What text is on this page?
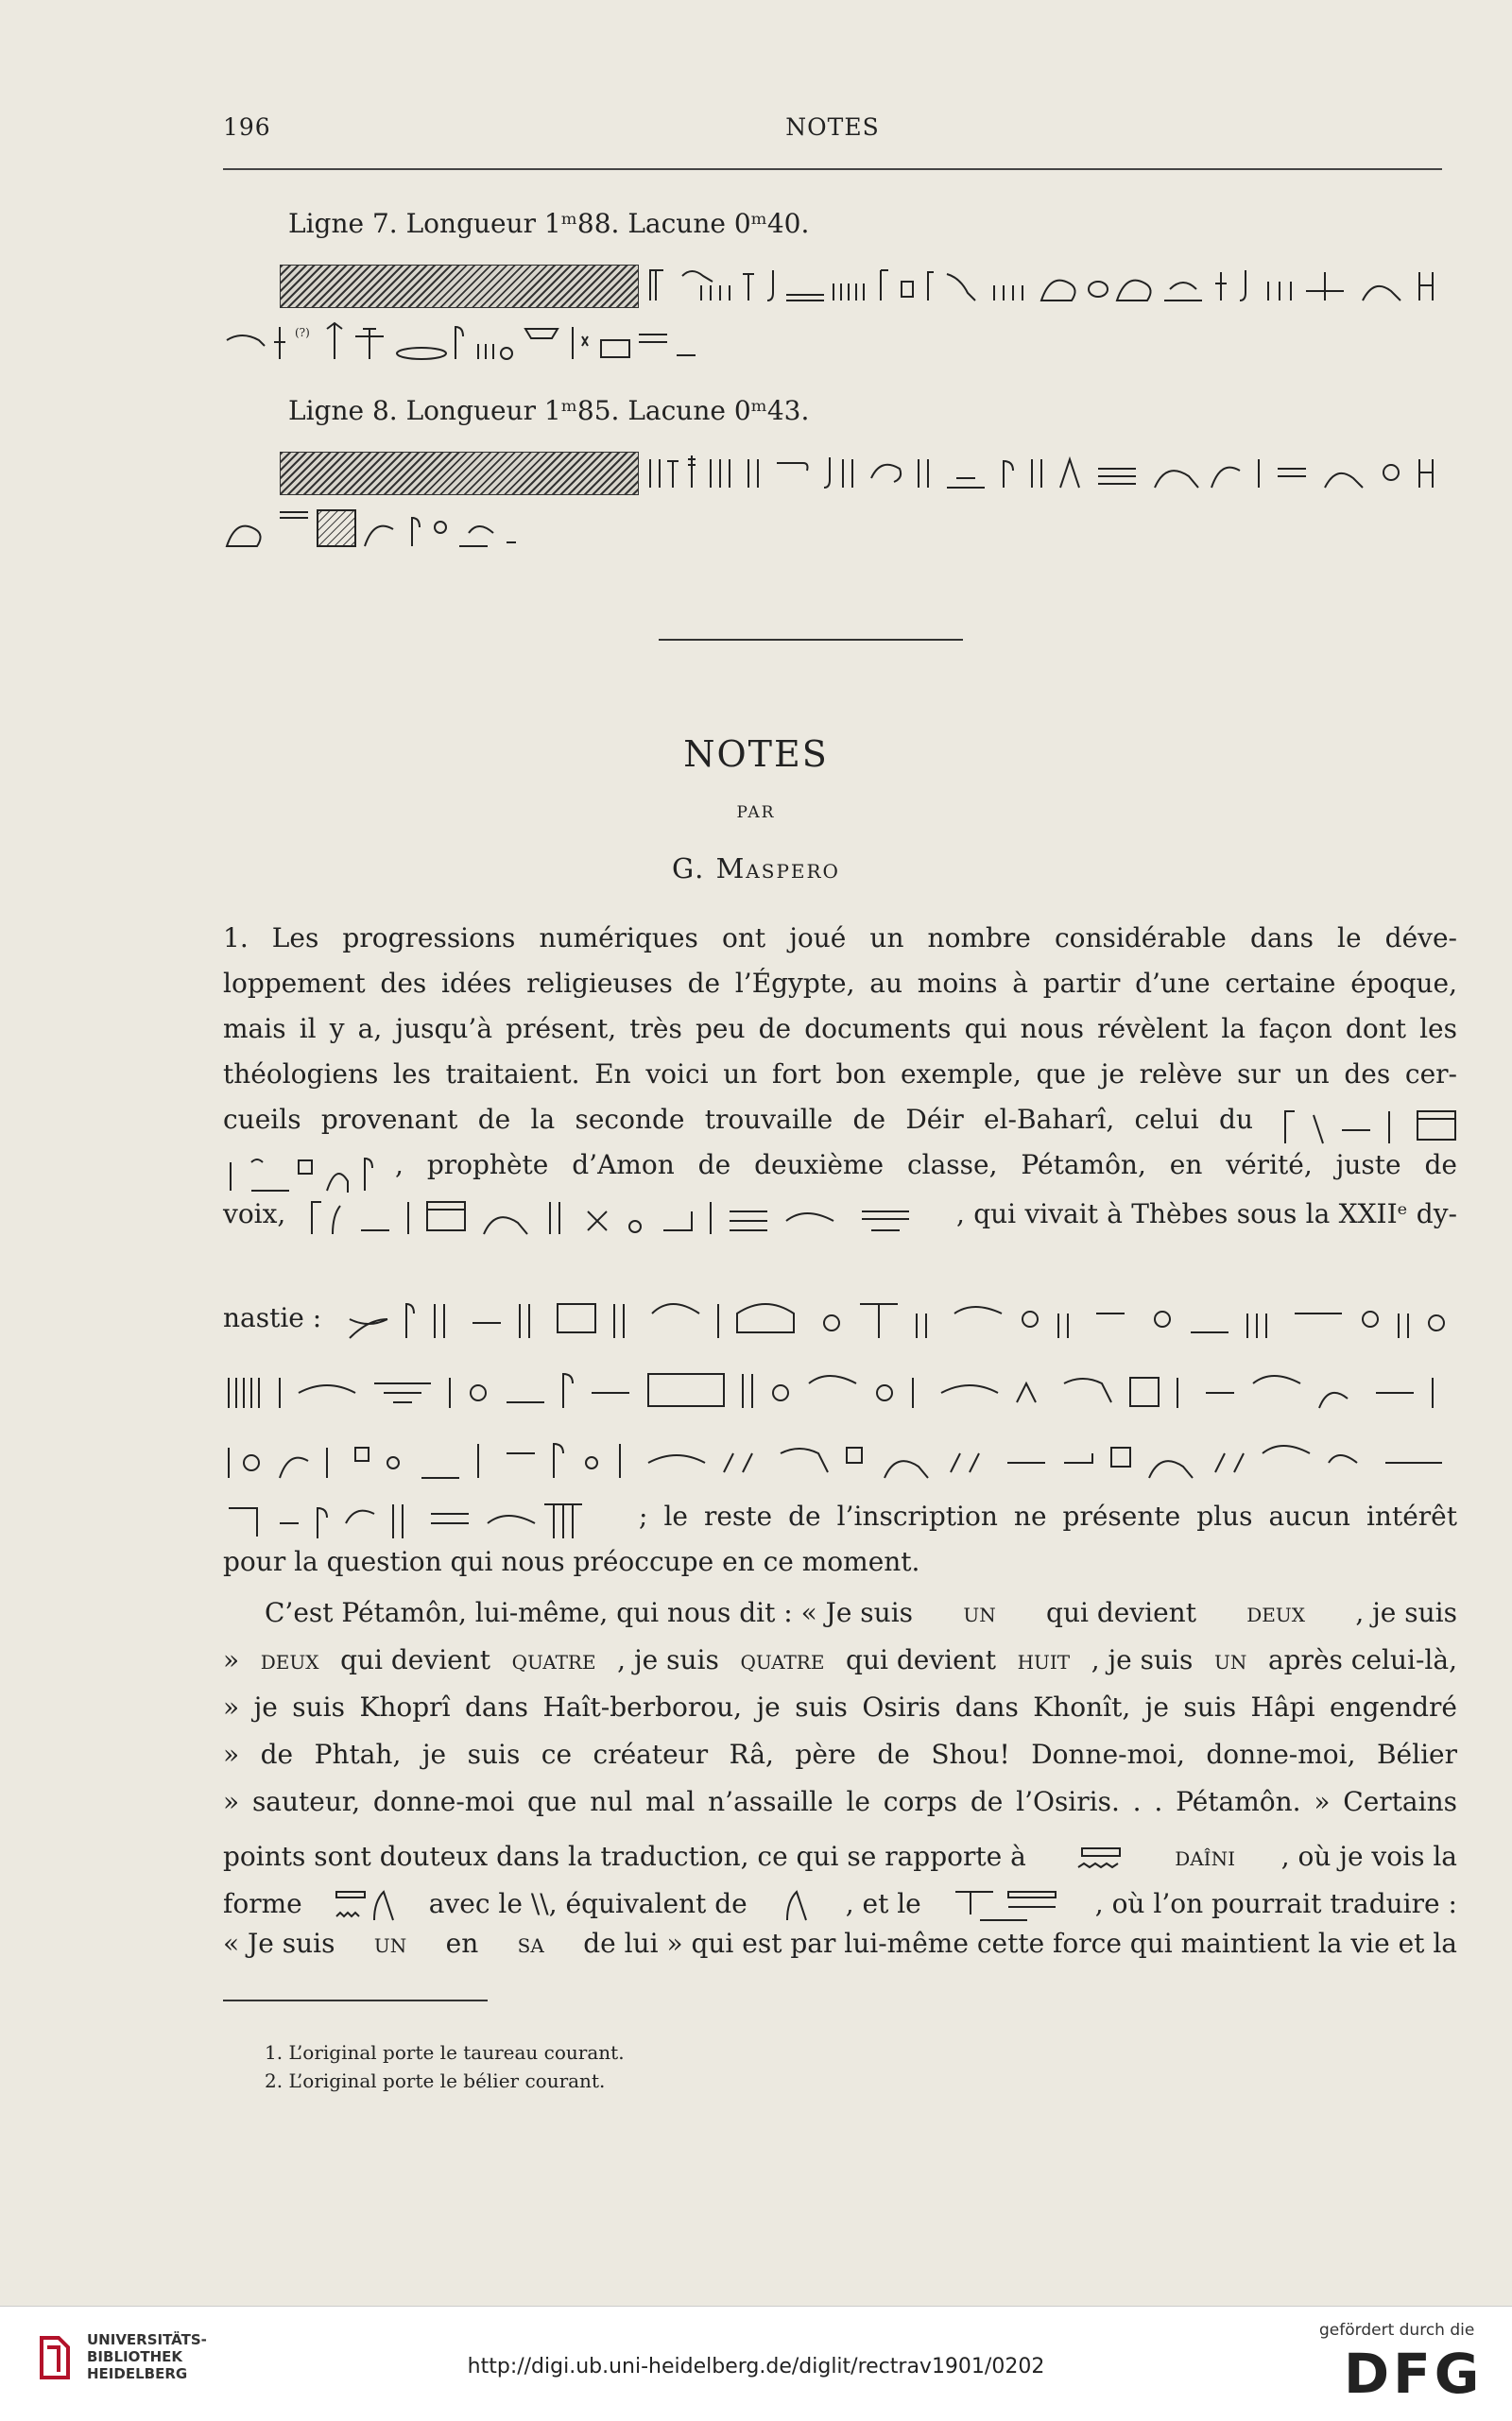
196	NOTES
Ligne 7. Longueur 1ᵐ88. Lacune 0ᵐ40.
(?)
Ligne 8. Longueur 1ᵐ85. Lacune 0ᵐ43.
NOTES
PAR
G. Maspero
1. Les progressions numériques ont joué un nombre considérable dans le déve-
loppement des idées religieuses de l’Égypte, au moins à partir d’une certaine époque,
mais il y a, jusqu’à présent, très peu de documents qui nous révèlent la façon dont les
théologiens les traitaient. En voici un fort bon exemple, que je relève sur un des cer-
cueils provenant de la seconde trouvaille de Déir el-Baharî, celui du
, prophète d’Amon de deuxième classe, Pétamôn, en vérité, juste de
voix,	, qui vivait à Thèbes sous la XXIIᵉ dy-
nastie :
; le reste de l’inscription ne présente plus aucun intérêt
pour la question qui nous préoccupe en ce moment.
C’est Pétamôn, lui-même, qui nous dit : « Je suis un qui devient deux , je suis
» deux qui devient quatre , je suis quatre qui devient huit , je suis un après celui-là,
» je suis Khoprî dans Haît-berborou, je suis Osiris dans Khonît, je suis Hâpi engendré
» de Phtah, je suis ce créateur Râ, père de Shou! Donne-moi, donne-moi, Bélier
» sauteur, donne-moi que nul mal n’assaille le corps de l’Osiris. . . Pétamôn. » Certains
points sont douteux dans la traduction, ce qui se rapporte à	daîni , où je vois la
forme	avec le \\, équivalent de	, et le	, où l’on pourrait traduire :
« Je suis un en sa de lui » qui est par lui-même cette force qui maintient la vie et la
1. L’original porte le taureau courant.
2. L’original porte le bélier courant.
UNIVERSITÄTS-
BIBLIOTHEK
HEIDELBERG	http://digi.ub.uni-heidelberg.de/diglit/rectrav1901/0202
gefördert durch die
DFG
